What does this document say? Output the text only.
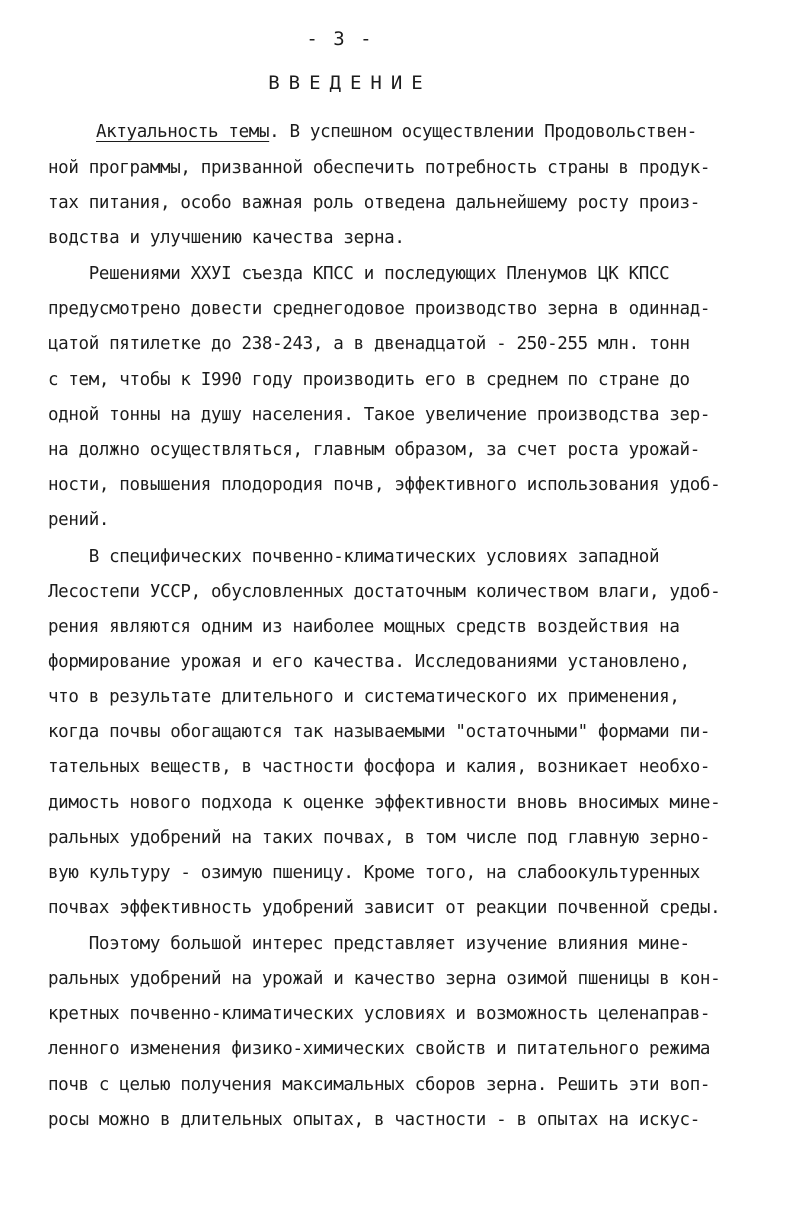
- 3 -
ВВЕДЕНИЕ
Актуальность темы. В успешном осуществлении Продовольствен-
ной программы, призванной обеспечить потребность страны в продук-
тах питания, особо важная роль отведена дальнейшему росту произ-
водства и улучшению качества зерна.
Решениями ХХУI съезда КПСС и последующих Пленумов ЦК КПСС
предусмотрено довести среднегодовое производство зерна в одиннад-
цатой пятилетке до 238-243, а в двенадцатой - 250-255 млн. тонн
с тем, чтобы к I990 году производить его в среднем по стране до
одной тонны на душу населения. Такое увеличение производства зер-
на должно осуществляться, главным образом, за счет роста урожай-
ности, повышения плодородия почв, эффективного использования удоб-
рений.
В специфических почвенно-климатических условиях западной
Лесостепи УССР, обусловленных достаточным количеством влаги, удоб-
рения являются одним из наиболее мощных средств воздействия на
формирование урожая и его качества. Исследованиями установлено,
что в результате длительного и систематического их применения,
когда почвы обогащаются так называемыми "остаточными" формами пи-
тательных веществ, в частности фосфора и калия, возникает необхо-
димость нового подхода к оценке эффективности вновь вносимых мине-
ральных удобрений на таких почвах, в том числе под главную зерно-
вую культуру - озимую пшеницу. Кроме того, на слабоокультуренных
почвах эффективность удобрений зависит от реакции почвенной среды.
Поэтому большой интерес представляет изучение влияния мине-
ральных удобрений на урожай и качество зерна озимой пшеницы в кон-
кретных почвенно-климатических условиях и возможность целенаправ-
ленного изменения физико-химических свойств и питательного режима
почв с целью получения максимальных сборов зерна. Решить эти воп-
росы можно в длительных опытах, в частности - в опытах на искус-
